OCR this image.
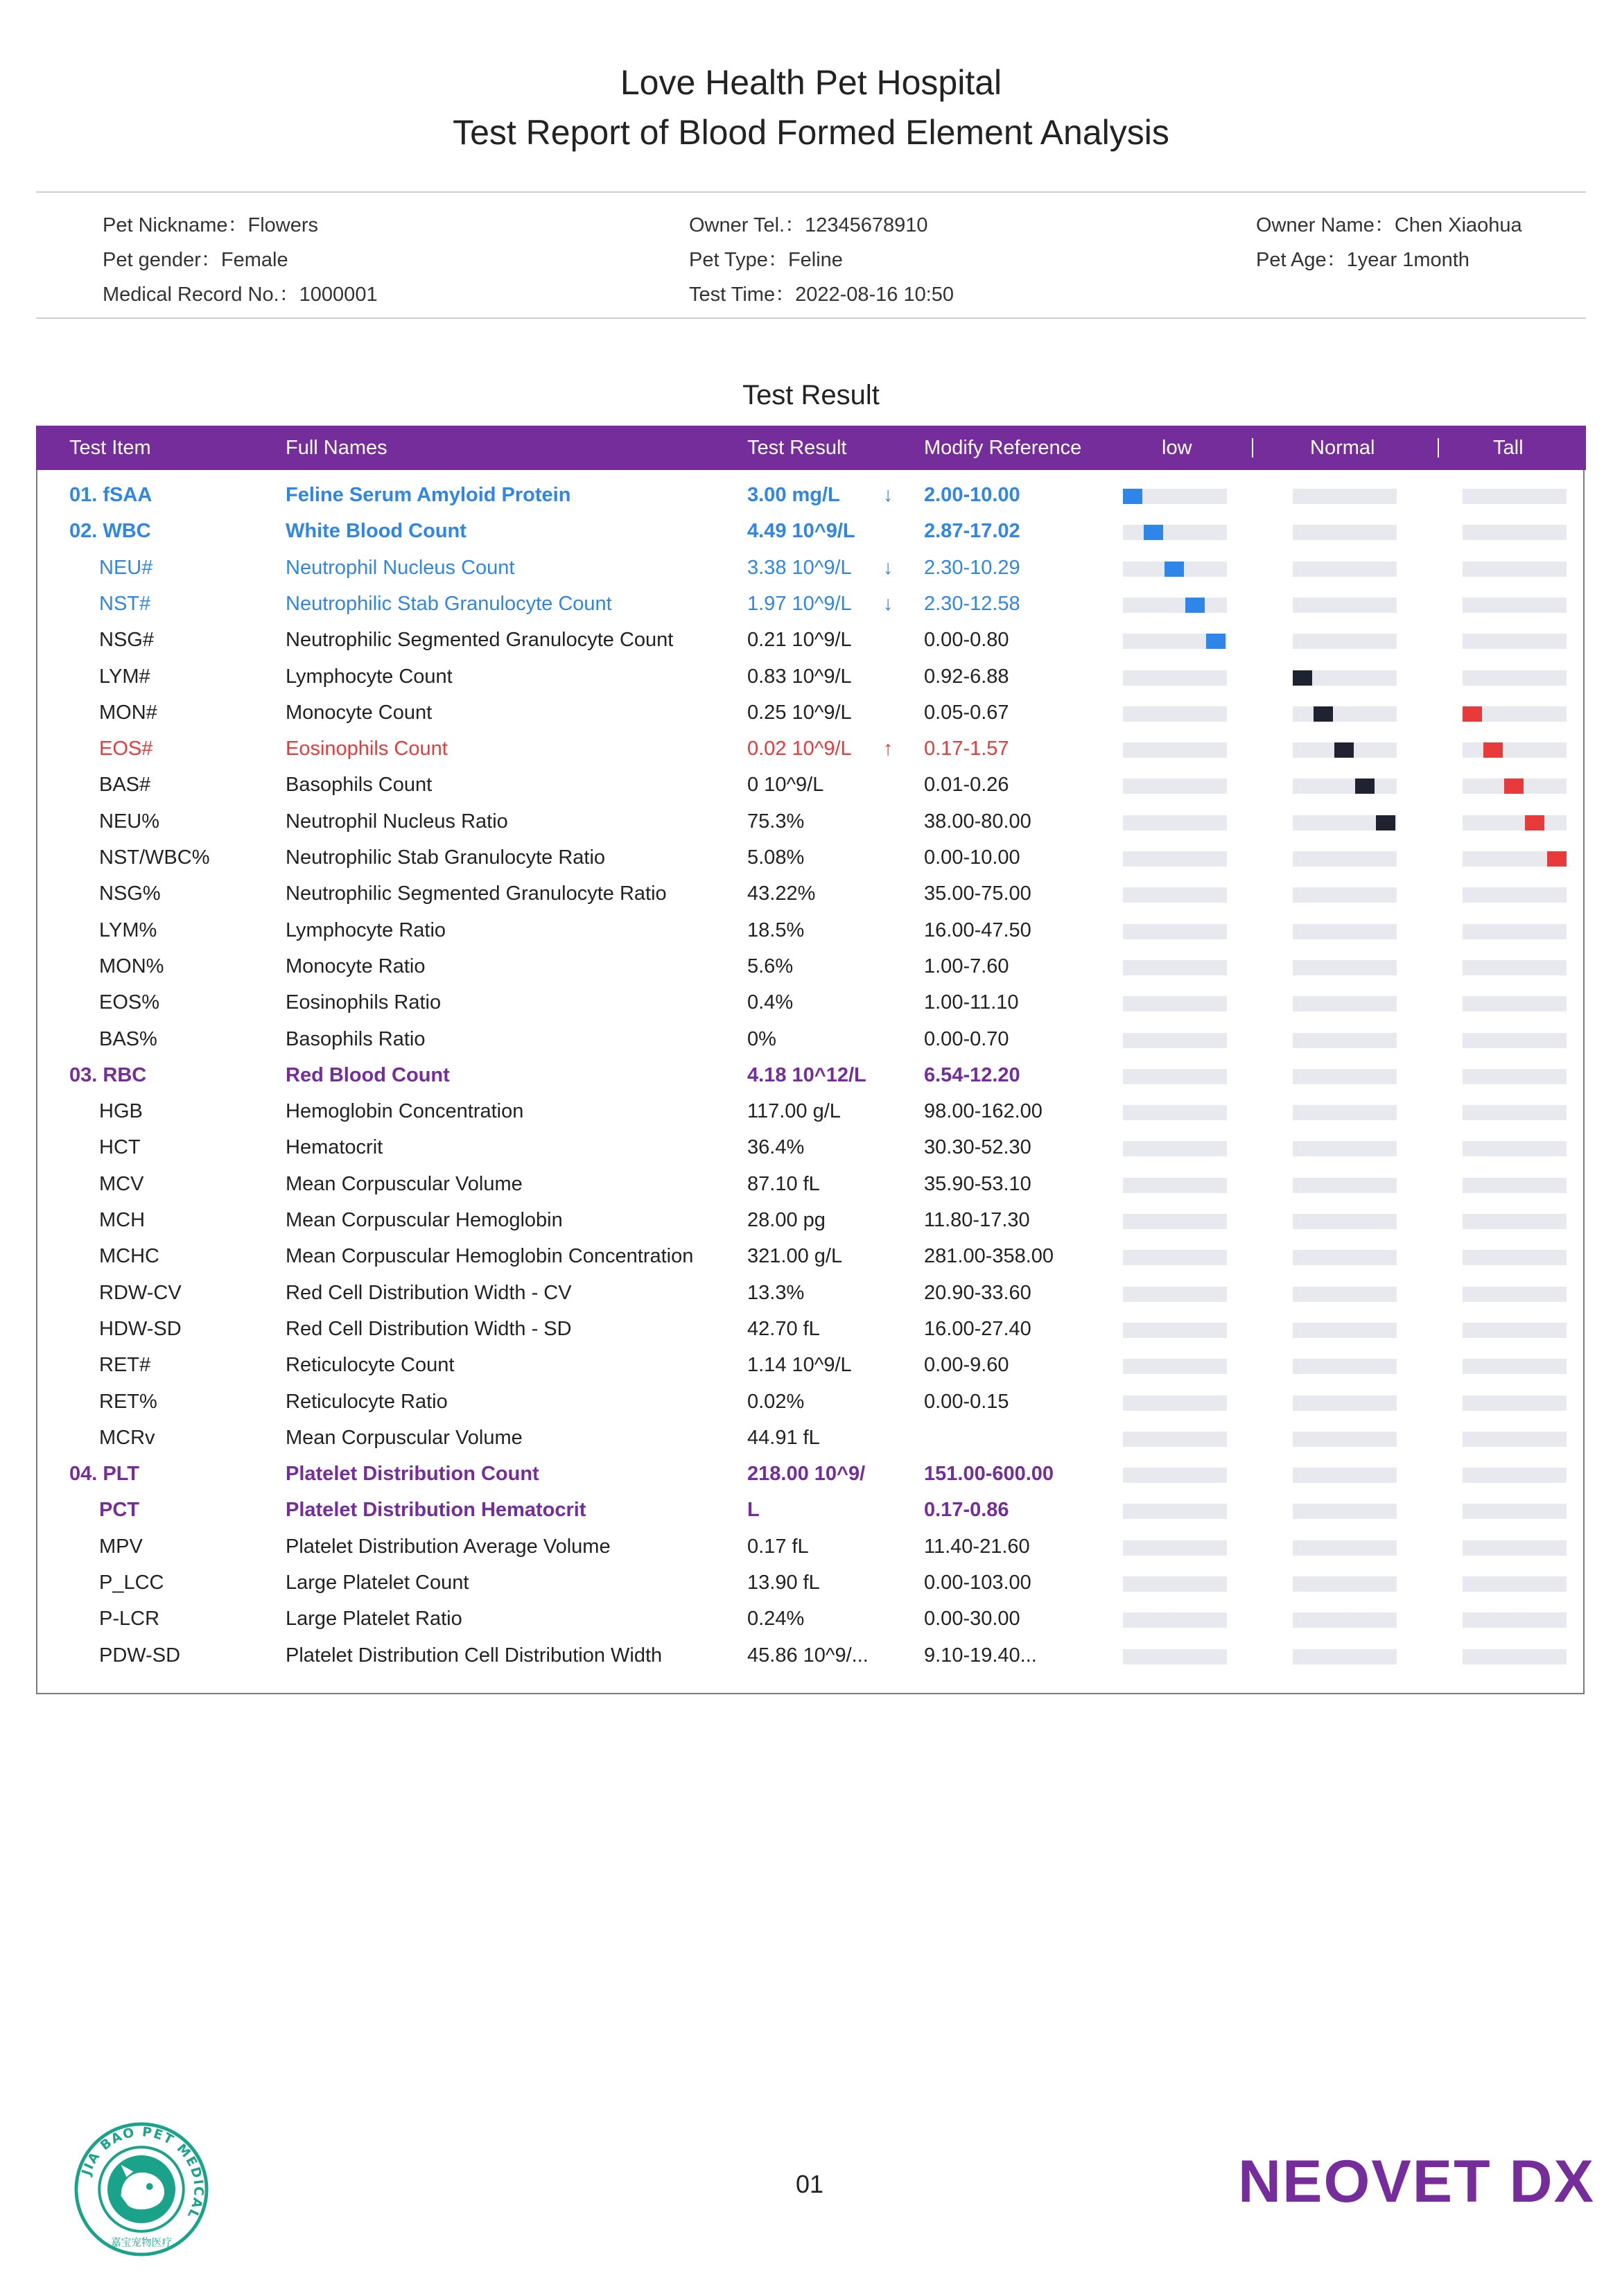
Love Health Pet Hospital
Test Report of Blood Formed Element Analysis
Pet Nickname：Flowers	Owner Tel.：12345678910	Owner Name：Chen Xiaohua
Pet gender：Female	Pet Type：Feline	Pet Age：1year 1month
Medical Record No.：1000001	Test Time：2022-08-16 10:50
Test Result
Test Item	Full Names	Test Result	Modify Reference	low	Normal	Tall
01. fSAA	Feline Serum Amyloid Protein	3.00 mg/L ↓ 2.00-10.00
02. WBC	White Blood Count	4.49 10^9/L	2.87-17.02
NEU#	Neutrophil Nucleus Count	3.38 10^9/L ↓ 2.30-10.29
NST#	Neutrophilic Stab Granulocyte Count	1.97 10^9/L ↓ 2.30-12.58
NSG#	Neutrophilic Segmented Granulocyte Count	0.21 10^9/L	0.00-0.80
LYM#	Lymphocyte Count	0.83 10^9/L	0.92-6.88
MON#	Monocyte Count	0.25 10^9/L	0.05-0.67
EOS#	Eosinophils Count	0.02 10^9/L ↑ 0.17-1.57
BAS#	Basophils Count	0 10^9/L	0.01-0.26
NEU%	Neutrophil Nucleus Ratio	75.3%	38.00-80.00
NST/WBC%	Neutrophilic Stab Granulocyte Ratio	5.08%	0.00-10.00
NSG%	Neutrophilic Segmented Granulocyte Ratio	43.22%	35.00-75.00
LYM%	Lymphocyte Ratio	18.5%	16.00-47.50
MON%	Monocyte Ratio	5.6%	1.00-7.60
EOS%	Eosinophils Ratio	0.4%	1.00-11.10
BAS%	Basophils Ratio	0%	0.00-0.70
03. RBC	Red Blood Count	4.18 10^12/L	6.54-12.20
HGB	Hemoglobin Concentration	117.00 g/L	98.00-162.00
HCT	Hematocrit	36.4%	30.30-52.30
MCV	Mean Corpuscular Volume	87.10 fL	35.90-53.10
MCH	Mean Corpuscular Hemoglobin	28.00 pg	11.80-17.30
MCHC	Mean Corpuscular Hemoglobin Concentration	321.00 g/L	281.00-358.00
RDW-CV	Red Cell Distribution Width - CV	13.3%	20.90-33.60
HDW-SD	Red Cell Distribution Width - SD	42.70 fL	16.00-27.40
RET#	Reticulocyte Count	1.14 10^9/L	0.00-9.60
RET%	Reticulocyte Ratio	0.02%	0.00-0.15
MCRv	Mean Corpuscular Volume	44.91 fL
04. PLT	Platelet Distribution Count	218.00 10^9/	151.00-600.00
PCT	Platelet Distribution Hematocrit	L	0.17-0.86
MPV	Platelet Distribution Average Volume	0.17 fL	11.40-21.60
P_LCC	Large Platelet Count	13.90 fL	0.00-103.00
P-LCR	Large Platelet Ratio	0.24%	0.00-30.00
PDW-SD	Platelet Distribution Cell Distribution Width	45.86 10^9/...	9.10-19.40...
JIA BAO PET MEDICAL
嘉宝宠物医疗
01	NEOVET DX
